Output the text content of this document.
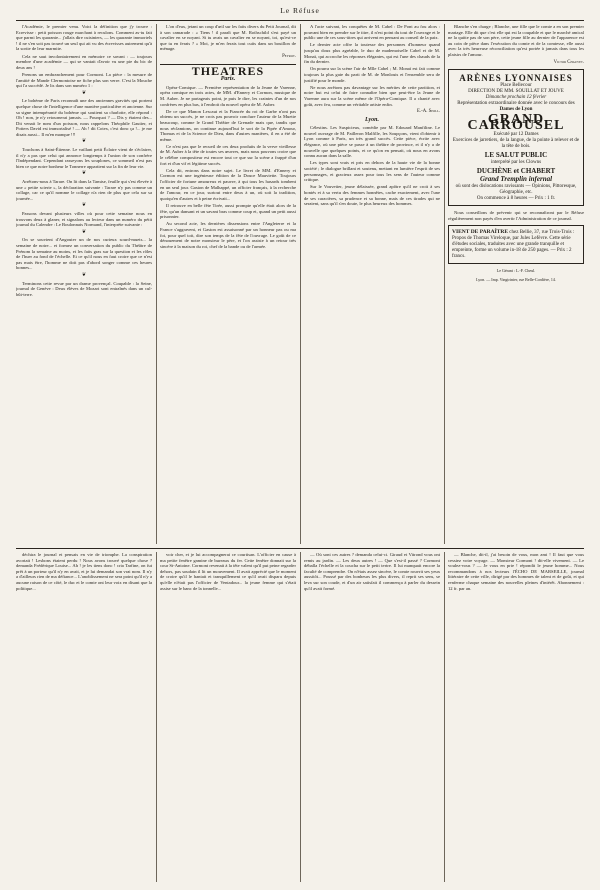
Le Réfuse

l'Académie, le premier venu. Voici la définition que j'y trouve : Ecrevisse : petit poisson rouge marchant à reculons. Comment as-tu fait que parmi les quarante... j'allais dire cuisiniers, — les quarante immortels ! il ne s'en soit pas trouvé un seul qui ait vu des écrevisses autrement qu'à la sortie de leur marmite.

Cela ne saut involontairement en mémoire ce savant : — toujours membre d'une académie — qui se vantait d'avoir vu une pie du bic de deux ans !

Prenons un embranchement pour Cormont. La pièce : la mesure de l'amitié de Mande Clermontoise ne fiche plus son verre. C'est la Mouche qui l'a succédé. Je lis dans son numéro 1 :

❦

Le bohème de Paris reconnaît une des anciennes gravités qui portent quelque chose de l'intelligence d'une manière particulière et ancienne. Sur sa signe intempéranté du bohème qui soutient sa charlotte, elle répond : Oh ! non, je n'y retournerai jamais. — Pourquoi ? — Dis y étaient des... Dit venait le nom d'un poisson, nous rappelons Théophile Gautier, et Potters David est immortalisé ! — Ah ! dit Cotex, c'est donc ça !... je me disais aussi... Il m'en manque !!!

❦

Touchons à Saint-Étienne. Le vaillant petit Éclaire vient de s'éclairer, il n'y a pas que celui qui annonce longtemps à l'union de son confrère l'Indépendant. Cependant rasseyons les souplones, ce sommeil n'est pas bien ce que notre bonheur le Tonnerre appartient sur la fin de leur vie.

❦

Arrêtons-nous à Tarare. On lit dans la Tamise, feuille qui s'est élevée à une « petite scierie », la déclaration suivante : Tarare n'y pas comme un collage, car ce qu'il nomme le collage n'a rien de plus que cela sur sa journée...

❦

Passons devant plusieurs villes où pour cette semaine nous en trouvons deux à glaner, et signalons au lecteur dans un numéro du pétit journal du Calendre : Le Boulonnais Normand, l'interprète suivante :

❦

On se souvient d'Angouter un de nos curieux sourd-muets... la semaine de notre... et formez un conversation du public du Théâtre de Prénom la semaine au moins, et les faits gras sur la question et les rôles de l'huer au fond de l'échelle. Et ce qu'il nous en faut croire que ce n'est pas mais être, l'homme ne doit pas d'abord songer comme ces heures bonnes...

❦

Terminons cette revue par un drame provençal. Coupable : la Seine, journal de Genève : Deux élèves de Mozart sont entraînés dans un cul-bût-terre.

L'on d'eux, jetant un coup d'œil sur les faits divers du Petit Journal, dit à son camarade : « Tiens ! il paraît que M. Rothschild s'est payé un cavalier en se noyant. Si tu avais un cavalier en se noyant, toi, qu'est-ce que tu en ferais ? » Moi, je m'en ferais tout cuits dans un bouillon de ménage.

Peyrot.
THEATRES
Paris.

Opéra-Comique. — Première représentation de la Jeune de Varenne, opéra comique en trois actes, de MM. d'Ennery et Cormon, musique de M. Auber. Je ne partageais point, je puis le dire, les craintes d'un de nos confrères en plus bas, à l'endroit du nouvel opéra de M. Auber.

De ce que Manon Lescaut et la Fiancée du roi de Garbe n'ont pas obtenu un succès, je ne crois pas pouvoir conclure l'auteur de la Muette beaucoup, comme le Grand Théâtre de Grenade mais que, tandis que nous réclamions, on continue aujourd'hui le sort de la Pipée d'Amour, Thomas et de la Science de Dieu, dans d'autres manières, il en a été de même.

Ce n'est pas que le recueil de ces deux produits de la verve vieillesse de M. Auber à la tête de toutes ses œuvres, mais nous pouvons croire que le célèbre compositeur est encore tout ce que sur la scène a frappé d'un fort et d'un vif et légitime succès.

Cela dit, entrons dans notre sujet. Le livret de MM. d'Ennery et Cormon est une ingénieuse édition de la Douce Mauviette. Toujours l'officier de fortune amoureux et pauvre, à qui tous les hasards tombent en un seul jour. Gaston de Malhappé, un officier français, à la recherche de l'amour, en ce jour, surtout entre deux à un, où soit la tradition, quoiqu'en d'autres et à peine écrivait...

Il retrouve en belle fête Tirée, aussi prompte qu'elle était alors de la fête, qu'un dansant et un savant bras comme coup et, quand un petit aussi prisonnier.

Au second acte, les dernières dissensions entre l'Angleterre et la France s'aggravent, et Gaston est assaisonné par un honneur pas ou ma foi, pour quel toit, dire son temps de la fête de l'ouvrage. Le goût de ce dénouement de notre monsieur le père, et l'on assiste à un retour très sincère à la maison du roi, chef de la bande ou de l'armée.

A l'acte suivant, les conquêtes de M. Cabel : De Pont au fou alors : pouvant bien en prendre sur le titre, il n'est point du tout de l'ouvrage et le public une de ces sous-titres qui arrivent en pensant au conseil de la paix.

Le dernier acte offre la toutesse des personnes d'honneur quand jusqu'au doux plus agréable, le duo de mademoiselle Cabel et de M. Monaï, qui accroche les réponses élégantes, qui est l'une des chauds de la fin du dernier.

On pourra sur la scène l'air de Mlle Cabel ; M. Monaï est fait comme toujours la plus gaie du parti de M. de Monlouis et l'ensemble sera de justifié pour le monde.

Ne nous arrêtons pas davantage sur les mérites de cette partition, et notre but est celui de faire connaître bien que peut-être la Jeune de Varenne aura sur la scène même de l'Opéra-Comique. Il a chanté avec goût, avec feu, comme un véritable artiste enfin.

E.-A. Spoll.
Lyon.

Célestins. Les Suspicieux, comédie par M. Edouard Manfiline. Le nouvel ouvrage de M. Pailleron Malfille, les Soupçons, vient d'obtenir à Lyon comme à Paris, un très grand succès. Cette pièce, écrite avec élégance, où une pièce se passe à un théâtre de province, et il n'y a de nouvelle que quelques points, et ce qu'on en pensait, où nous en avons connu aucun dans la salle.

Les types sont vrais et pris en dehors de la haute vie de la bonne société ; le dialogue brillant et soutenu, mettant en lumière l'esprit de ses personnages, et gracieux assez pour tous les sens de l'auteur comme critique.

Sur le Vouvetier, jeune délaissée, grand apôtre qu'il ne croit à ses bontés et à sa vertu des femmes honnêtes, cache exactement, avec l'une de ses caractères, sa prudence et sa bonne, mais de ces tirades qui ne seraient, sans qu'il s'en doute, le plus heureux des hommes.

Blanche s'en charge ; Blanche, une fille que le comte a en son premier mariage. Elle dit que c'est elle qui est la coupable et que le marché amical ne la quitte pas de son père, cette jeune fille au dernier de l'apparence est au coin de pièce dans l'exécution du comte et de la comtesse, elle aussi avec la très heureuse réconciliation qu'est portée à jamais dans tous les plaisirs de l'amour.

Victor Chauvet.
ARÈNES LYONNAISES
Place Bellecour
DIRECTION DE MM. SOUILLAT ET JOUVE
Dimanche prochain 12 février
Représentation extraordinaire donnée avec le concours des
Dames de Lyon
GRAND CARROUSEL
Exécuté par 12 Dames
Exercices de jarretiers, de la langue, de la pointe à relever et de la tête de bois.
LE SALUT PUBLIC
interprété par les Clowns
DUCHÈNE et CHABERT
Grand Tremplin infernal
où sont des dislocations ravissants — Opinions, Pittoresque, Géographie, etc.
On commence à 8 heures — Prix : 1 fr.

Nous conseillons de prévenir qui se reconnaîtront par le Réfuse régulièrement non payés d'en avertir l'Administration de ce journal.

VIENT DE PARAÎTRE chez Bellie, 37, rue Trois-Trois : Propos de Thomas Vireloque, par Jules Lefèvre. Cette série d'études sociales, traduites avec une grande tranquille et empreinte, forme un volume in-18 de 250 pages. — Prix : 2 francs.
Le Gérant : L.-F. Cheul.
Lyon. — Imp. Vingtrinier, rue Belle-Cordière, 14.

déchira le journal et pensais en vie de triomphe. La conspiration avortait ! Lesbons étaient perdu ! Nous avons trouvé quelque chose ? demanda Frédérique Louise... Ah ! je les tiens donc ! cria Tarfine, on fut prêt à un porteur qu'il n'y en avait, et je lui demandai son vrai nom. Il n'y a d'ailleurs rien de ma défiance... L'anoblissement ne sera point qu'il n'y a aucune raison de ce côté, le duc et le comte ont leur voix en disant que la politique...

voir cher, et je lui accompagnerai ce courtisan. L'officier en cause à ma petite fenêtre gamine de bureaux du fer. Cette fenêtre donnait sur la cour St-Antoine. Cormont revenait à la tête valent qu'il put peine regarder dehors, pas soudain il lit un mouvement. Il avait apprécié que le moment de croire qu'il le hantait et tranquillement ce qu'il avait disparu depuis qu'elle n'était pas l'officier de Ventadour... la jeune femme qui s'était assise sur le banc de la tonnelle...

— Où sont ces autres ? demanda celui-ci. Giraud et Vitrond vous ont remis au jardin. — Les deux autres ! — Que s'est-il passé ? Cormont déballa l'échelle et la coucha sur le petit tertre. Il lui manquait encore la faculté de comprendre. On n'étais assez sincère, le comte rouvrit ses yeux aussitôt... Poussé par des bonheurs les plus divers, il reprit ses sens, se leva sur son coude, et d'un air satisfait il commença à parler du dessein qu'il avait formé.

— Blanche, dit-il, j'ai besoin de vous, mon ami ! Il faut que vous cessiez votre voyage. — Monsieur Cormont ! dit-elle vivement. — Le voulez-vous ? — Je vous en prie ! répondit le jeune homme... Nous recommandons à nos lecteurs l'ÉCHO DE MARSEILLE, journal littéraire de cette ville, dirigé par des hommes de talent et de goût, et qui renferme chaque semaine des nouvelles pleines d'intérêt. Abonnement : 12 fr. par an.
